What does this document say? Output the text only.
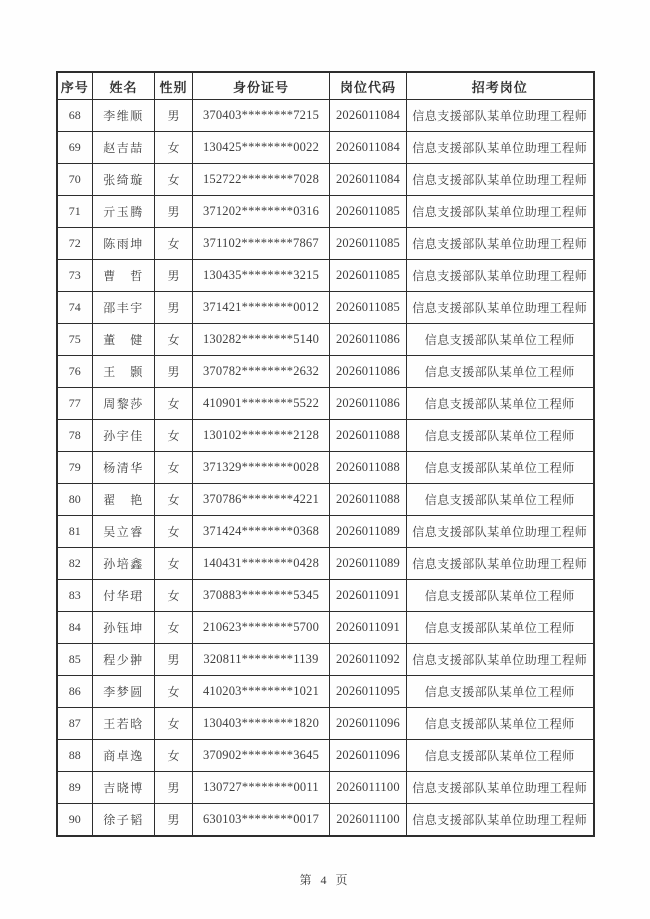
序号	姓名	性别	身份证号	岗位代码	招考岗位
68	李维顺	男	370403********7215	2026011084	信息支援部队某单位助理工程师
69	赵吉喆	女	130425********0022	2026011084	信息支援部队某单位助理工程师
70	张绮璇	女	152722********7028	2026011084	信息支援部队某单位助理工程师
71	亓玉腾	男	371202********0316	2026011085	信息支援部队某单位助理工程师
72	陈雨坤	女	371102********7867	2026011085	信息支援部队某单位助理工程师
73	曹　哲	男	130435********3215	2026011085	信息支援部队某单位助理工程师
74	邵丰宇	男	371421********0012	2026011085	信息支援部队某单位助理工程师
75	董　健	女	130282********5140	2026011086	信息支援部队某单位工程师
76	王　颢	男	370782********2632	2026011086	信息支援部队某单位工程师
77	周黎莎	女	410901********5522	2026011086	信息支援部队某单位工程师
78	孙宇佳	女	130102********2128	2026011088	信息支援部队某单位工程师
79	杨清华	女	371329********0028	2026011088	信息支援部队某单位工程师
80	翟　艳	女	370786********4221	2026011088	信息支援部队某单位工程师
81	吴立睿	女	371424********0368	2026011089	信息支援部队某单位助理工程师
82	孙培鑫	女	140431********0428	2026011089	信息支援部队某单位助理工程师
83	付华珺	女	370883********5345	2026011091	信息支援部队某单位工程师
84	孙钰坤	女	210623********5700	2026011091	信息支援部队某单位工程师
85	程少翀	男	320811********1139	2026011092	信息支援部队某单位助理工程师
86	李梦圆	女	410203********1021	2026011095	信息支援部队某单位工程师
87	王若晗	女	130403********1820	2026011096	信息支援部队某单位工程师
88	商卓逸	女	370902********3645	2026011096	信息支援部队某单位工程师
89	吉晓博	男	130727********0011	2026011100	信息支援部队某单位助理工程师
90	徐子韬	男	630103********0017	2026011100	信息支援部队某单位助理工程师
第 4 页
